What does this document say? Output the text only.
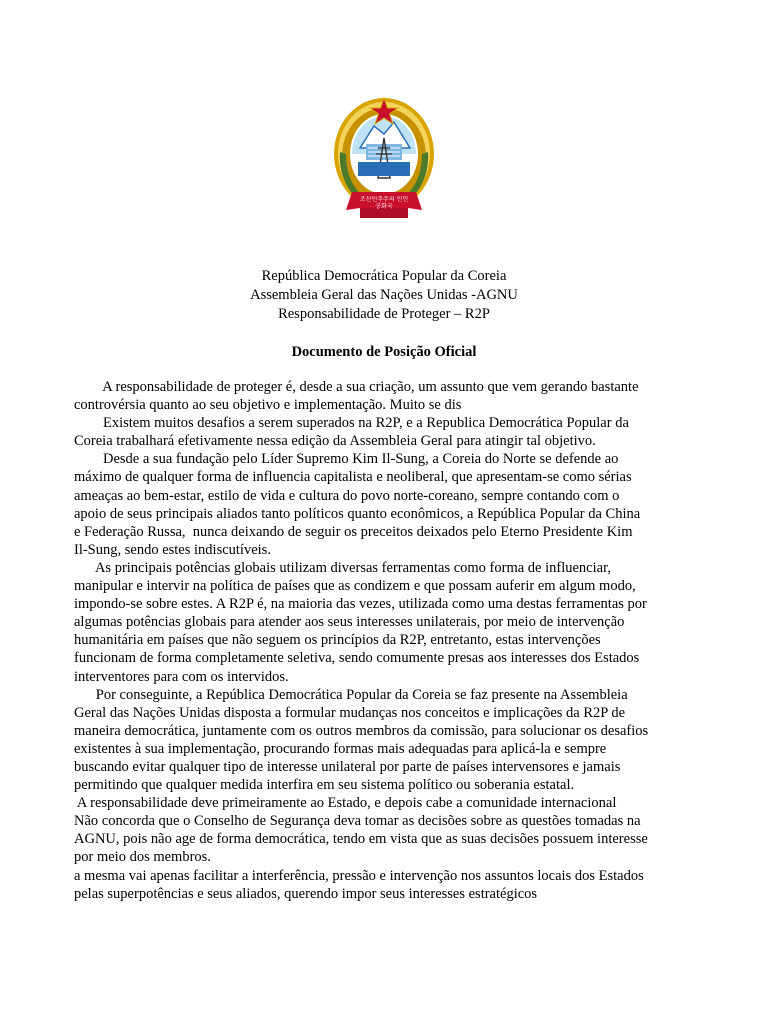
조선민주주의 인민공화국
República Democrática Popular da Coreia
Assembleia Geral das Nações Unidas -AGNU
Responsabilidade de Proteger – R2P
Documento de Posição Oficial
A responsabilidade de proteger é, desde a sua criação, um assunto que vem gerando bastante
controvérsia quanto ao seu objetivo e implementação. Muito se dis
Existem muitos desafios a serem superados na R2P, e a Republica Democrática Popular da
Coreia trabalhará efetivamente nessa edição da Assembleia Geral para atingir tal objetivo.
Desde a sua fundação pelo Líder Supremo Kim Il-Sung, a Coreia do Norte se defende ao
máximo de qualquer forma de influencia capitalista e neoliberal, que apresentam-se como sérias
ameaças ao bem-estar, estilo de vida e cultura do povo norte-coreano, sempre contando com o
apoio de seus principais aliados tanto políticos quanto econômicos, a República Popular da China
e Federação Russa,  nunca deixando de seguir os preceitos deixados pelo Eterno Presidente Kim
Il-Sung, sendo estes indiscutíveis.
As principais potências globais utilizam diversas ferramentas como forma de influenciar,
manipular e intervir na política de países que as condizem e que possam auferir em algum modo,
impondo-se sobre estes. A R2P é, na maioria das vezes, utilizada como uma destas ferramentas por
algumas potências globais para atender aos seus interesses unilaterais, por meio de intervenção
humanitária em países que não seguem os princípios da R2P, entretanto, estas intervenções
funcionam de forma completamente seletiva, sendo comumente presas aos interesses dos Estados
interventores para com os intervidos.
Por conseguinte, a República Democrática Popular da Coreia se faz presente na Assembleia
Geral das Nações Unidas disposta a formular mudanças nos conceitos e implicações da R2P de
maneira democrática, juntamente com os outros membros da comissão, para solucionar os desafios
existentes à sua implementação, procurando formas mais adequadas para aplicá-la e sempre
buscando evitar qualquer tipo de interesse unilateral por parte de países intervensores e jamais
permitindo que qualquer medida interfira em seu sistema político ou soberania estatal.
A responsabilidade deve primeiramente ao Estado, e depois cabe a comunidade internacional
Não concorda que o Conselho de Segurança deva tomar as decisões sobre as questões tomadas na
AGNU, pois não age de forma democrática, tendo em vista que as suas decisões possuem interesse
por meio dos membros.
a mesma vai apenas facilitar a interferência, pressão e intervenção nos assuntos locais dos Estados
pelas superpotências e seus aliados, querendo impor seus interesses estratégicos
